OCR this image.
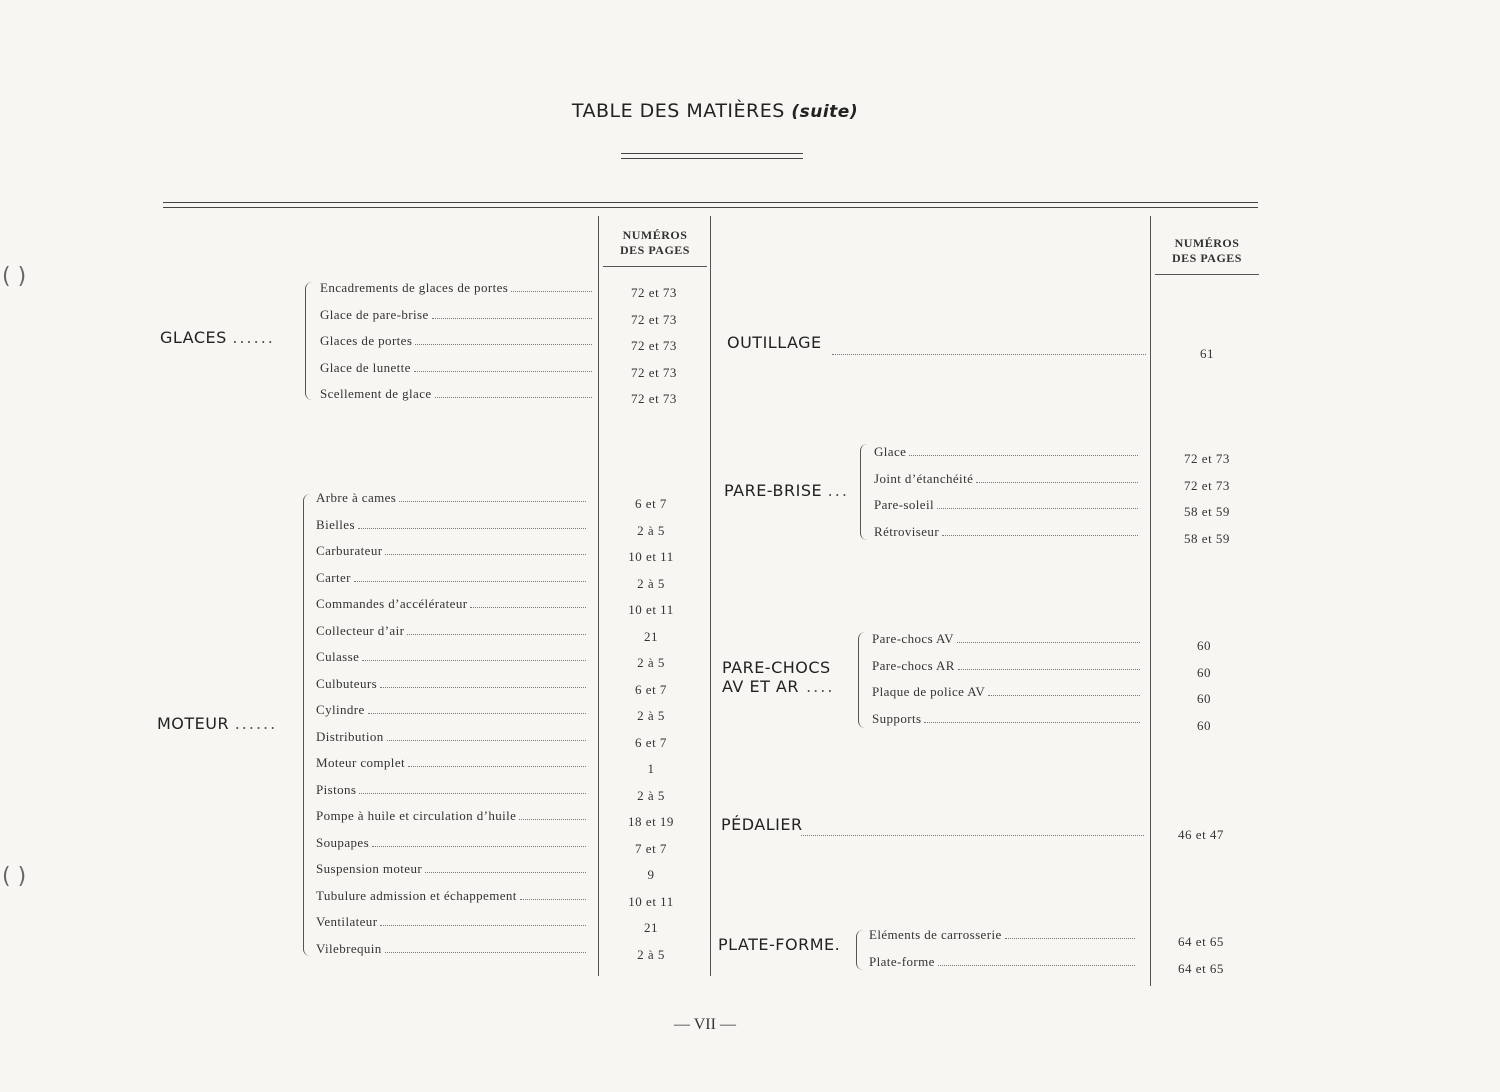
( )
( )
TABLE DES MATIÈRES (suite)
NUMÉROS
DES PAGES	NUMÉROS
DES PAGES
GLACES ......
Encadrements de glaces de portes
Glace de pare-brise
Glaces de portes
Glace de lunette
Scellement de glace
72 et 73
72 et 73
72 et 73
72 et 73
72 et 73
MOTEUR ......
Arbre à cames
Bielles
Carburateur
Carter
Commandes d’accélérateur
Collecteur d’air
Culasse
Culbuteurs
Cylindre
Distribution
Moteur complet
Pistons
Pompe à huile et circulation d’huile
Soupapes
Suspension moteur
Tubulure admission et échappement
Ventilateur
Vilebrequin
6 et 7
2 à 5
10 et 11
2 à 5
10 et 11
21
2 à 5
6 et 7
2 à 5
6 et 7
1
2 à 5
18 et 19
7 et 7
9
10 et 11
21
2 à 5
OUTILLAGE
61
PARE-BRISE ...
Glace
Joint d’étanchéité
Pare-soleil
Rétroviseur
72 et 73
72 et 73
58 et 59
58 et 59
PARE-CHOCS
AV ET AR ....
Pare-chocs AV
Pare-chocs AR
Plaque de police AV
Supports
60
60
60
60
PÉDALIER
46 et 47
PLATE-FORME.
Eléments de carrosserie
Plate-forme
64 et 65
64 et 65
— VII —
